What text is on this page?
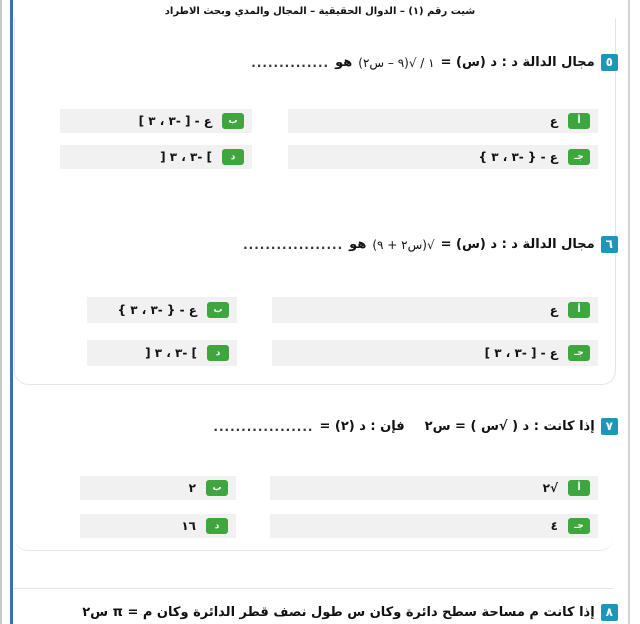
شيت رقم (١) – الدوال الحقيقية – المجال والمدي وبحث الاطراد
٥
مجال الدالة د : د (س) =
١ / √(٩ – س٢)
هو
..............
أ
ع
ب
ع - [ -٣ ، ٣ ]
جـ
ع - { -٣ ، ٣ }
د
] -٣ ، ٣ [
٦
مجال الدالة د : د (س) =
√(س٢ + ٩)
هو
..................
أ
ع
ب
ع - { -٣ ، ٣ }
جـ
ع - [ -٣ ، ٣ ]
د
] -٣ ، ٣ [
٧
إذا كانت : د ( √س ) = س٢
فإن : د (٢) =
..................
أ
√٢
ب
٢
جـ
٤
د
١٦
٨
إذا كانت م مساحة سطح دائرة وكان س طول نصف قطر الدائرة وكان م = π س٢
